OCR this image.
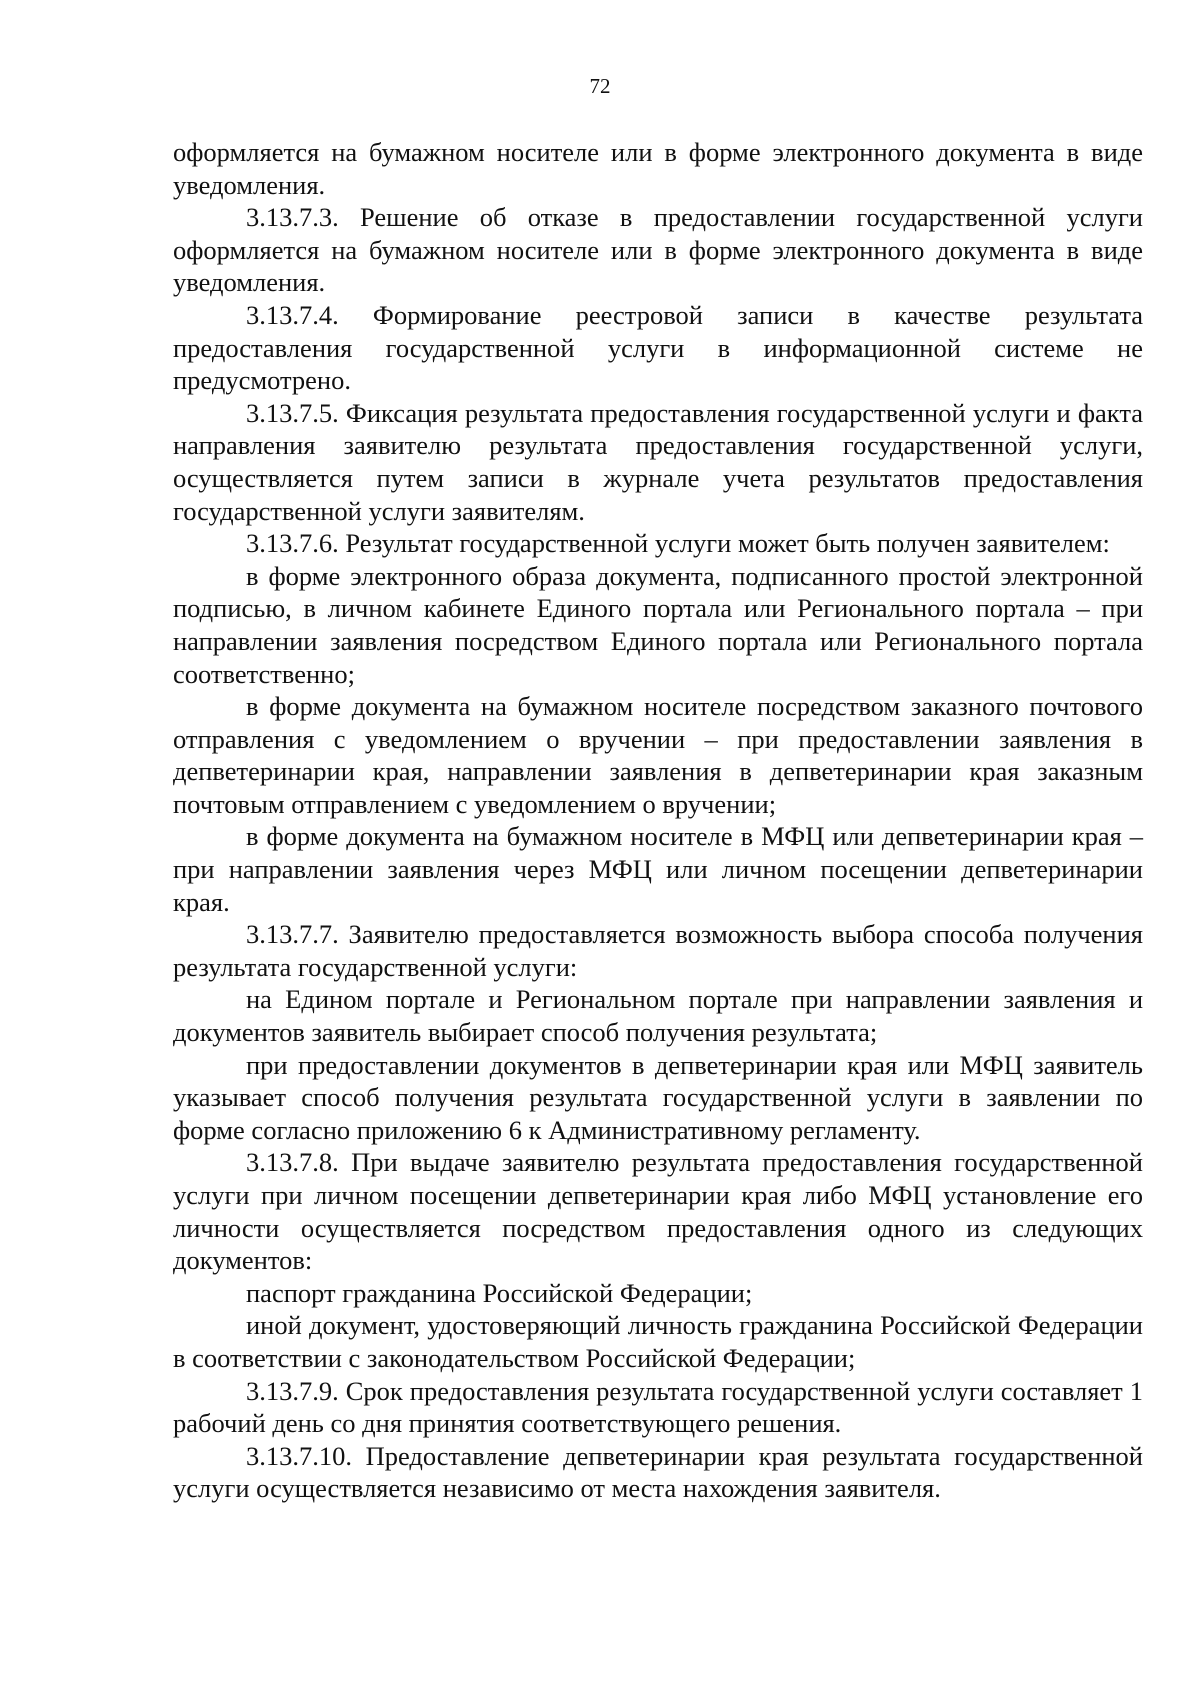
72

оформляется на бумажном носителе или в форме электронного документа в виде уведомления.

3.13.7.3. Решение об отказе в предоставлении государственной услуги оформляется на бумажном носителе или в форме электронного документа в виде уведомления.

3.13.7.4. Формирование реестровой записи в качестве результата предоставления государственной услуги в информационной системе не предусмотрено.

3.13.7.5. Фиксация результата предоставления государственной услуги и факта направления заявителю результата предоставления государственной услуги, осуществляется путем записи в журнале учета результатов предоставления государственной услуги заявителям.

3.13.7.6. Результат государственной услуги может быть получен заявителем:

в форме электронного образа документа, подписанного простой электронной подписью, в личном кабинете Единого портала или Регионального портала – при направлении заявления посредством Единого портала или Регионального портала соответственно;

в форме документа на бумажном носителе посредством заказного почтового отправления с уведомлением о вручении – при предоставлении заявления в депветеринарии края, направлении заявления в депветеринарии края заказным почтовым отправлением с уведомлением о вручении;

в форме документа на бумажном носителе в МФЦ или депветеринарии края – при направлении заявления через МФЦ или личном посещении депветеринарии края.

3.13.7.7. Заявителю предоставляется возможность выбора способа получения результата государственной услуги:

на Едином портале и Региональном портале при направлении заявления и документов заявитель выбирает способ получения результата;

при предоставлении документов в депветеринарии края или МФЦ заявитель указывает способ получения результата государственной услуги в заявлении по форме согласно приложению 6 к Административному регламенту.

3.13.7.8. При выдаче заявителю результата предоставления государственной услуги при личном посещении депветеринарии края либо МФЦ установление его личности осуществляется посредством предоставления одного из следующих документов:

паспорт гражданина Российской Федерации;

иной документ, удостоверяющий личность гражданина Российской Федерации в соответствии с законодательством Российской Федерации;

3.13.7.9. Срок предоставления результата государственной услуги составляет 1 рабочий день со дня принятия соответствующего решения.

3.13.7.10. Предоставление депветеринарии края результата государственной услуги осуществляется независимо от места нахождения заявителя.
